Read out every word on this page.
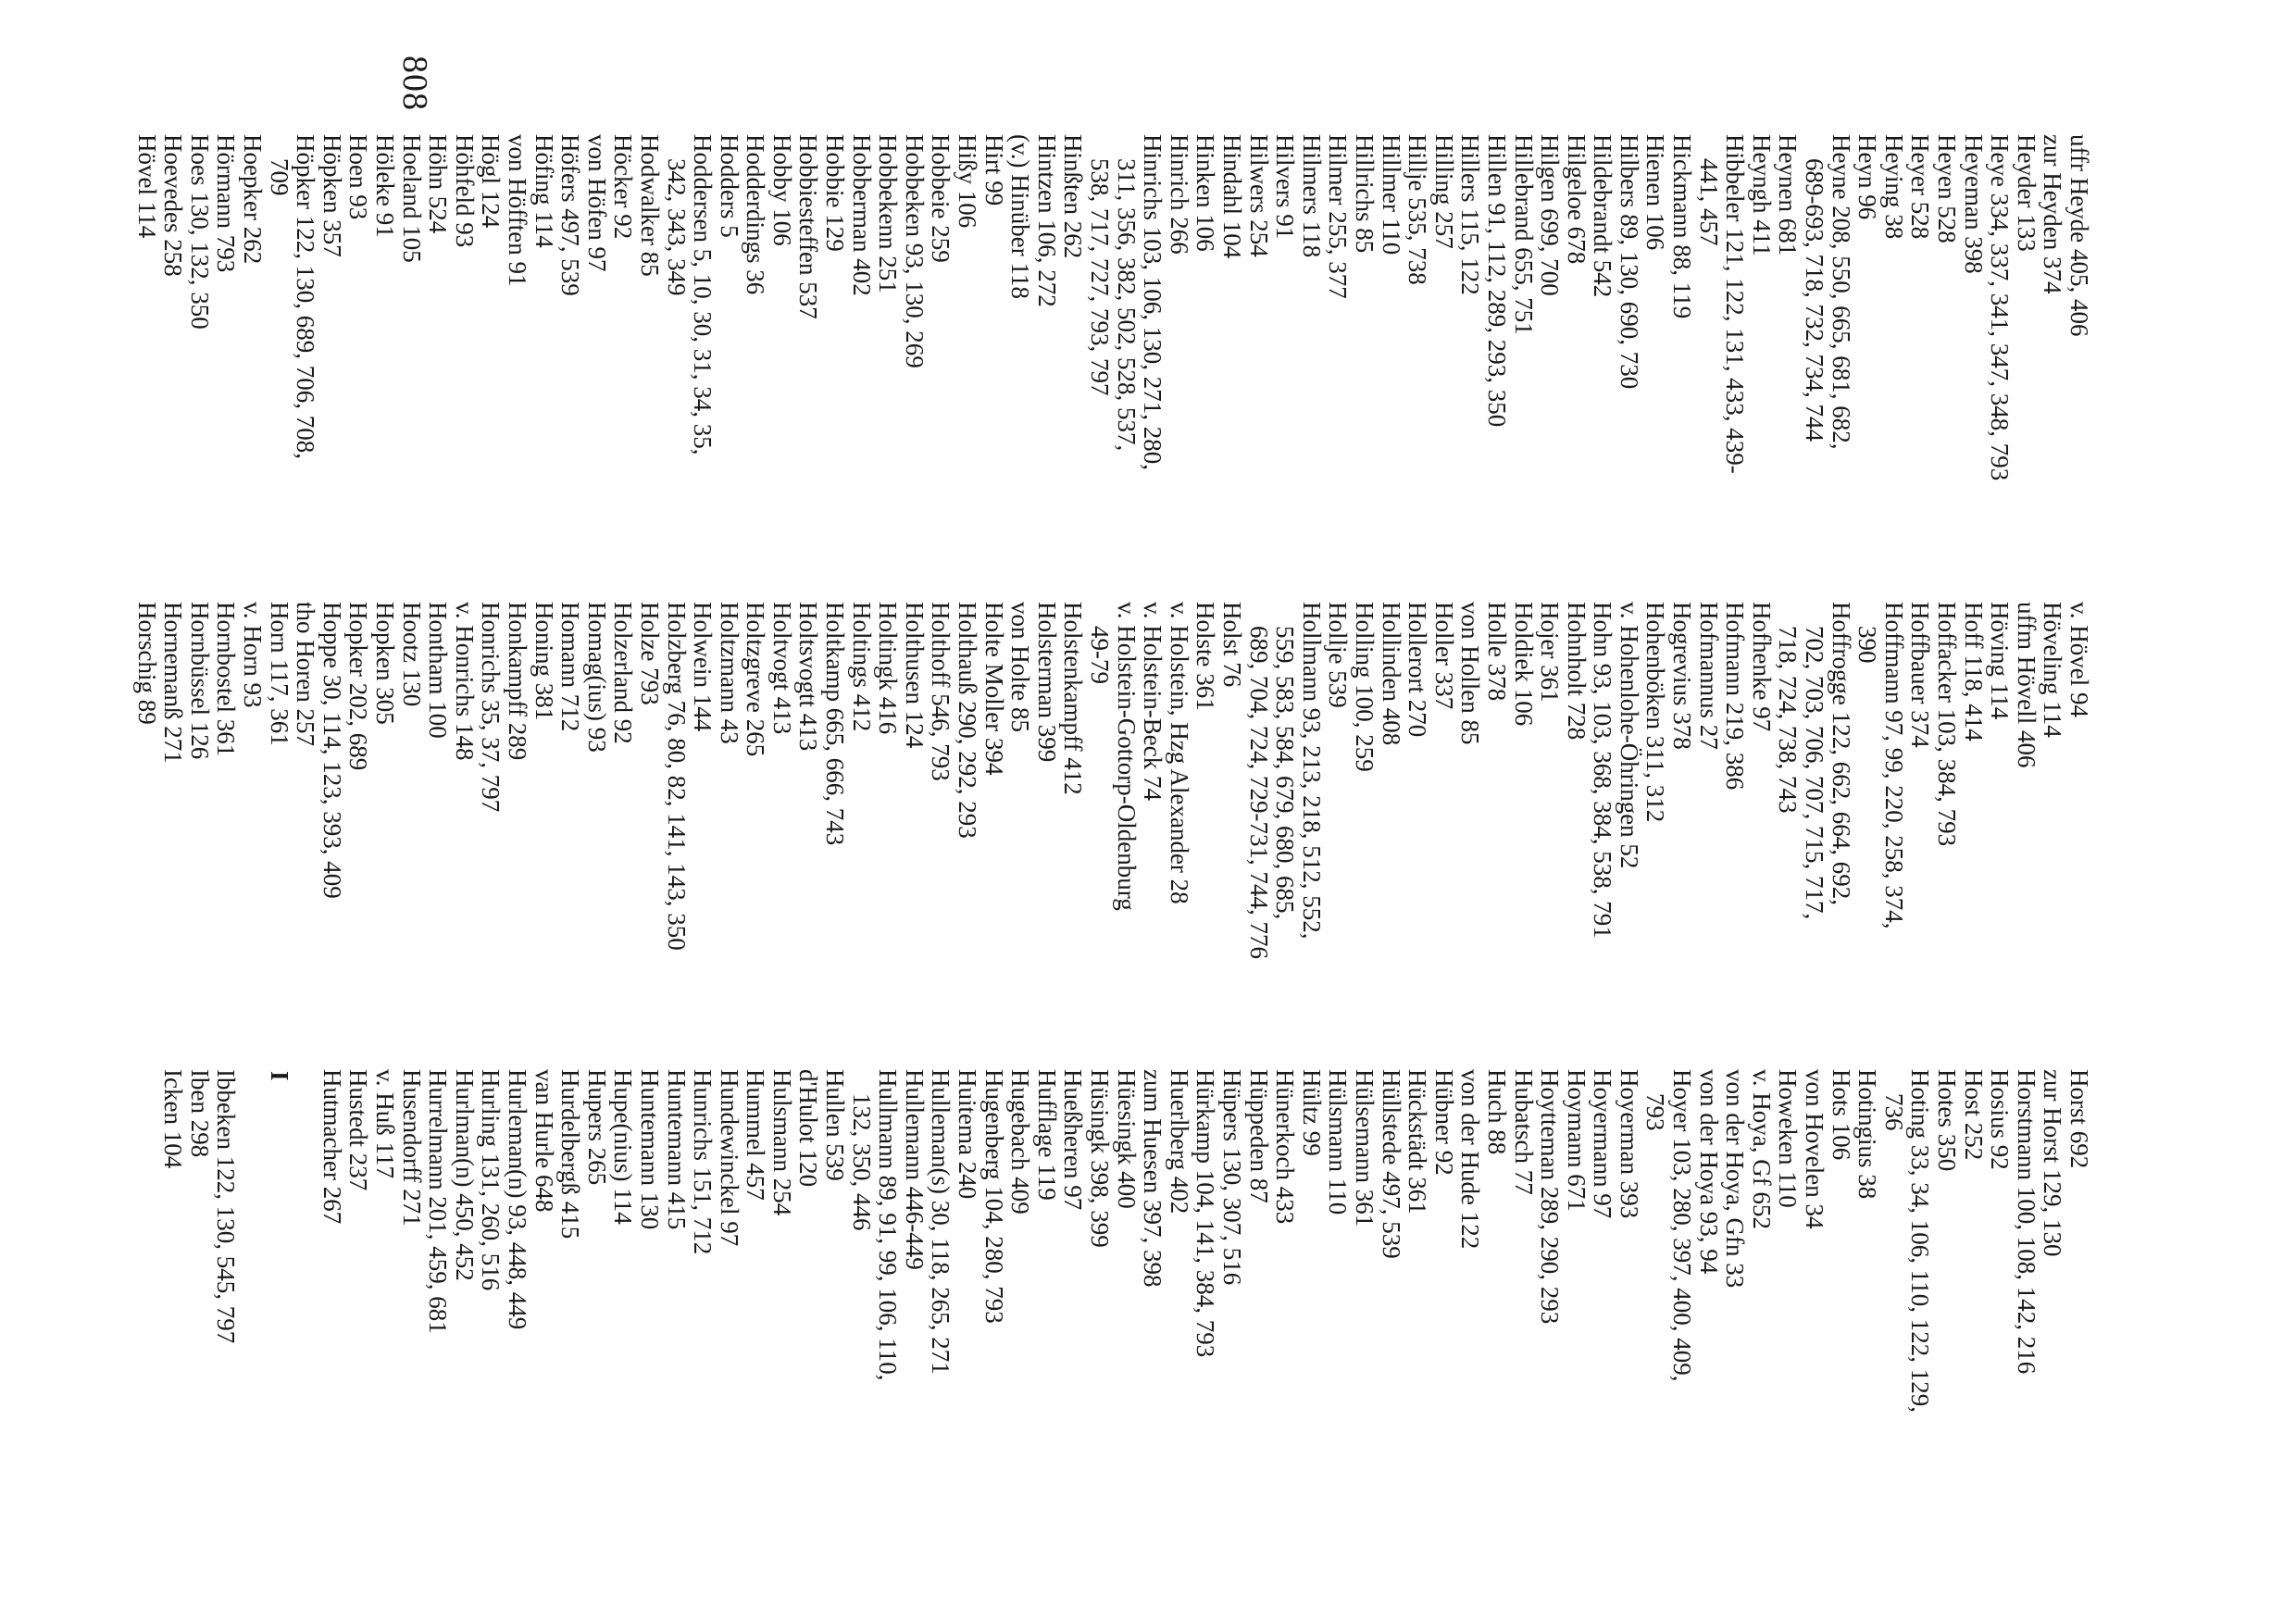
uffr Heyde 405, 406
zur Heyden 374
Heyder 133
Heye 334, 337, 341, 347, 348, 793
Heyeman 398
Heyen 528
Heyer 528
Heying 38
Heyn 96
Heyne 208, 550, 665, 681, 682,
689-693, 718, 732, 734, 744
Heynen 681
Heyngh 411
Hibbeler 121, 122, 131, 433, 439-
441, 457
Hickmann 88, 119
Hienen 106
Hilbers 89, 130, 690, 730
Hildebrandt 542
Hilgeloe 678
Hilgen 699, 700
Hillebrand 655, 751
Hillen 91, 112, 289, 293, 350
Hillers 115, 122
Hilling 257
Hillje 535, 738
Hillmer 110
Hillrichs 85
Hilmer 255, 377
Hilmers 118
Hilvers 91
Hilwers 254
Hindahl 104
Hinken 106
Hinrich 266
Hinrichs 103, 106, 130, 271, 280,
311, 356, 382, 502, 528, 537,
538, 717, 727, 793, 797
Hinßten 262
Hintzen 106, 272
(v.) Hinüber 118
Hirt 99
Hißy 106
Hobbeie 259
Hobbeken 93, 130, 269
Hobbekenn 251
Hobberman 402
Hobbie 129
Hobbiesteffen 537
Hobby 106
Hodderdings 36
Hodders 5
Hoddersen 5, 10, 30, 31, 34, 35,
342, 343, 349
Hodwalker 85
Höcker 92
von Höfen 97
Höfers 497, 539
Höfing 114
von Höfften 91
Högl 124
Höhfeld 93
Höhn 524
Hoeland 105
Höleke 91
Hoen 93
Höpken 357
Höpker 122, 130, 689, 706, 708,
709
Hoepker 262
Hörmann 793
Hoes 130, 132, 350
Hoevedes 258
Hövel 114
v. Hövel 94
Höveling 114
uffm Hövell 406
Höving 114
Hoff 118, 414
Hoffacker 103, 384, 793
Hoffbauer 374
Hoffmann 97, 99, 220, 258, 374,
390
Hoffrogge 122, 662, 664, 692,
702, 703, 706, 707, 715, 717,
718, 724, 738, 743
Hofhenke 97
Hofmann 219, 386
Hofmannus 27
Hogrevius 378
Hohenböken 311, 312
v. Hohenlohe-Öhringen 52
Hohn 93, 103, 368, 384, 538, 791
Hohnholt 728
Hojer 361
Holdiek 106
Holle 378
von Hollen 85
Holler 337
Hollerort 270
Hollinden 408
Holling 100, 259
Hollje 539
Hollmann 93, 213, 218, 512, 552,
559, 583, 584, 679, 680, 685,
689, 704, 724, 729-731, 744, 776
Holst 76
Holste 361
v. Holstein, Hzg Alexander 28
v. Holstein-Beck 74
v. Holstein-Gottorp-Oldenburg
49-79
Holstenkampff 412
Holsterman 399
von Holte 85
Holte Moller 394
Holthauß 290, 292, 293
Holthoff 546, 793
Holthusen 124
Holtingk 416
Holtings 412
Holtkamp 665, 666, 743
Holtsvogtt 413
Holtvogt 413
Holtzgreve 265
Holtzmann 43
Holwein 144
Holzberg 76, 80, 82, 141, 143, 350
Holze 793
Holzerland 92
Homag(ius) 93
Homann 712
Honing 381
Honkampff 289
Honrichs 35, 37, 797
v. Honrichs 148
Hontham 100
Hootz 130
Hopken 305
Hopker 202, 689
Hoppe 30, 114, 123, 393, 409
tho Horen 257
Horn 117, 361
v. Horn 93
Hornbostel 361
Hornbüssel 126
Hornemanß 271
Horschig 89
Horst 692
zur Horst 129, 130
Horstmann 100, 108, 142, 216
Hosius 92
Host 252
Hotes 350
Hoting 33, 34, 106, 110, 122, 129,
736
Hotingius 38
Hots 106
von Hovelen 34
Howeken 110
v. Hoya, Gf 652
von der Hoya, Gfn 33
von der Hoya 93, 94
Hoyer 103, 280, 397, 400, 409,
793
Hoyerman 393
Hoyermann 97
Hoymann 671
Hoytteman 289, 290, 293
Hubatsch 77
Huch 88
von der Hude 122
Hübner 92
Hückstädt 361
Hüllstede 497, 539
Hülsemann 361
Hülsmann 110
Hültz 99
Hünerkoch 433
Hüppeden 87
Hüpers 130, 307, 516
Hürkamp 104, 141, 384, 793
Huerlberg 402
zum Huesen 397, 398
Hüesingk 400
Hüsingk 398, 399
Hueßheren 97
Hufflage 119
Hugebach 409
Hugenberg 104, 280, 793
Huitema 240
Hulleman(s) 30, 118, 265, 271
Hullemann 446-449
Hullmann 89, 91, 99, 106, 110,
132, 350, 446
Hullen 539
d'Hulot 120
Hulsmann 254
Hummel 457
Hundewinckel 97
Hunrichs 151, 712
Huntemann 415
Huntemann 130
Hupe(nius) 114
Hupers 265
Hurdelbergß 415
van Hurle 648
Hurleman(n) 93, 448, 449
Hurling 131, 260, 516
Hurlman(n) 450, 452
Hurrelmann 201, 459, 681
Husendorff 271
v. Huß 117
Hustedt 237
Hutmacher 267
I
Ibbeken 122, 130, 545, 797
Iben 298
Icken 104
808
